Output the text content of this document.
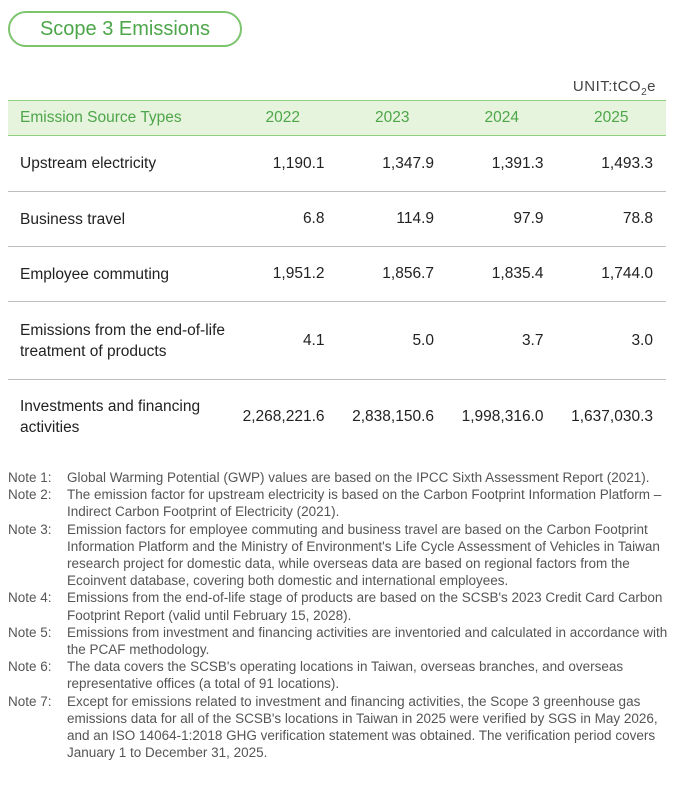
Scope 3 Emissions
UNIT:tCO$_2$e
Emission Source Types	2022	2023	2024	2025
Upstream electricity	1,190.1	1,347.9	1,391.3	1,493.3
Business travel	6.8	114.9	97.9	78.8
Employee commuting	1,951.2	1,856.7	1,835.4	1,744.0
Emissions from the end-of-life treatment of products	4.1	5.0	3.7	3.0
Investments and financing activities	2,268,221.6	2,838,150.6	1,998,316.0	1,637,030.3
Note 1:	Global Warming Potential (GWP) values are based on the IPCC Sixth Assessment Report (2021).
Note 2:	The emission factor for upstream electricity is based on the Carbon Footprint Information Platform – Indirect Carbon Footprint of Electricity (2021).
Note 3:	Emission factors for employee commuting and business travel are based on the Carbon Footprint Information Platform and the Ministry of Environment's Life Cycle Assessment of Vehicles in Taiwan research project for domestic data, while overseas data are based on regional factors from the Ecoinvent database, covering both domestic and international employees.
Note 4:	Emissions from the end-of-life stage of products are based on the SCSB's 2023 Credit Card Carbon Footprint Report (valid until February 15, 2028).
Note 5:	Emissions from investment and financing activities are inventoried and calculated in accordance with the PCAF methodology.
Note 6:	The data covers the SCSB's operating locations in Taiwan, overseas branches, and overseas representative offices (a total of 91 locations).
Note 7:	Except for emissions related to investment and financing activities, the Scope 3 greenhouse gas emissions data for all of the SCSB's locations in Taiwan in 2025 were verified by SGS in May 2026, and an ISO 14064-1:2018 GHG verification statement was obtained. The verification period covers January 1 to December 31, 2025.
